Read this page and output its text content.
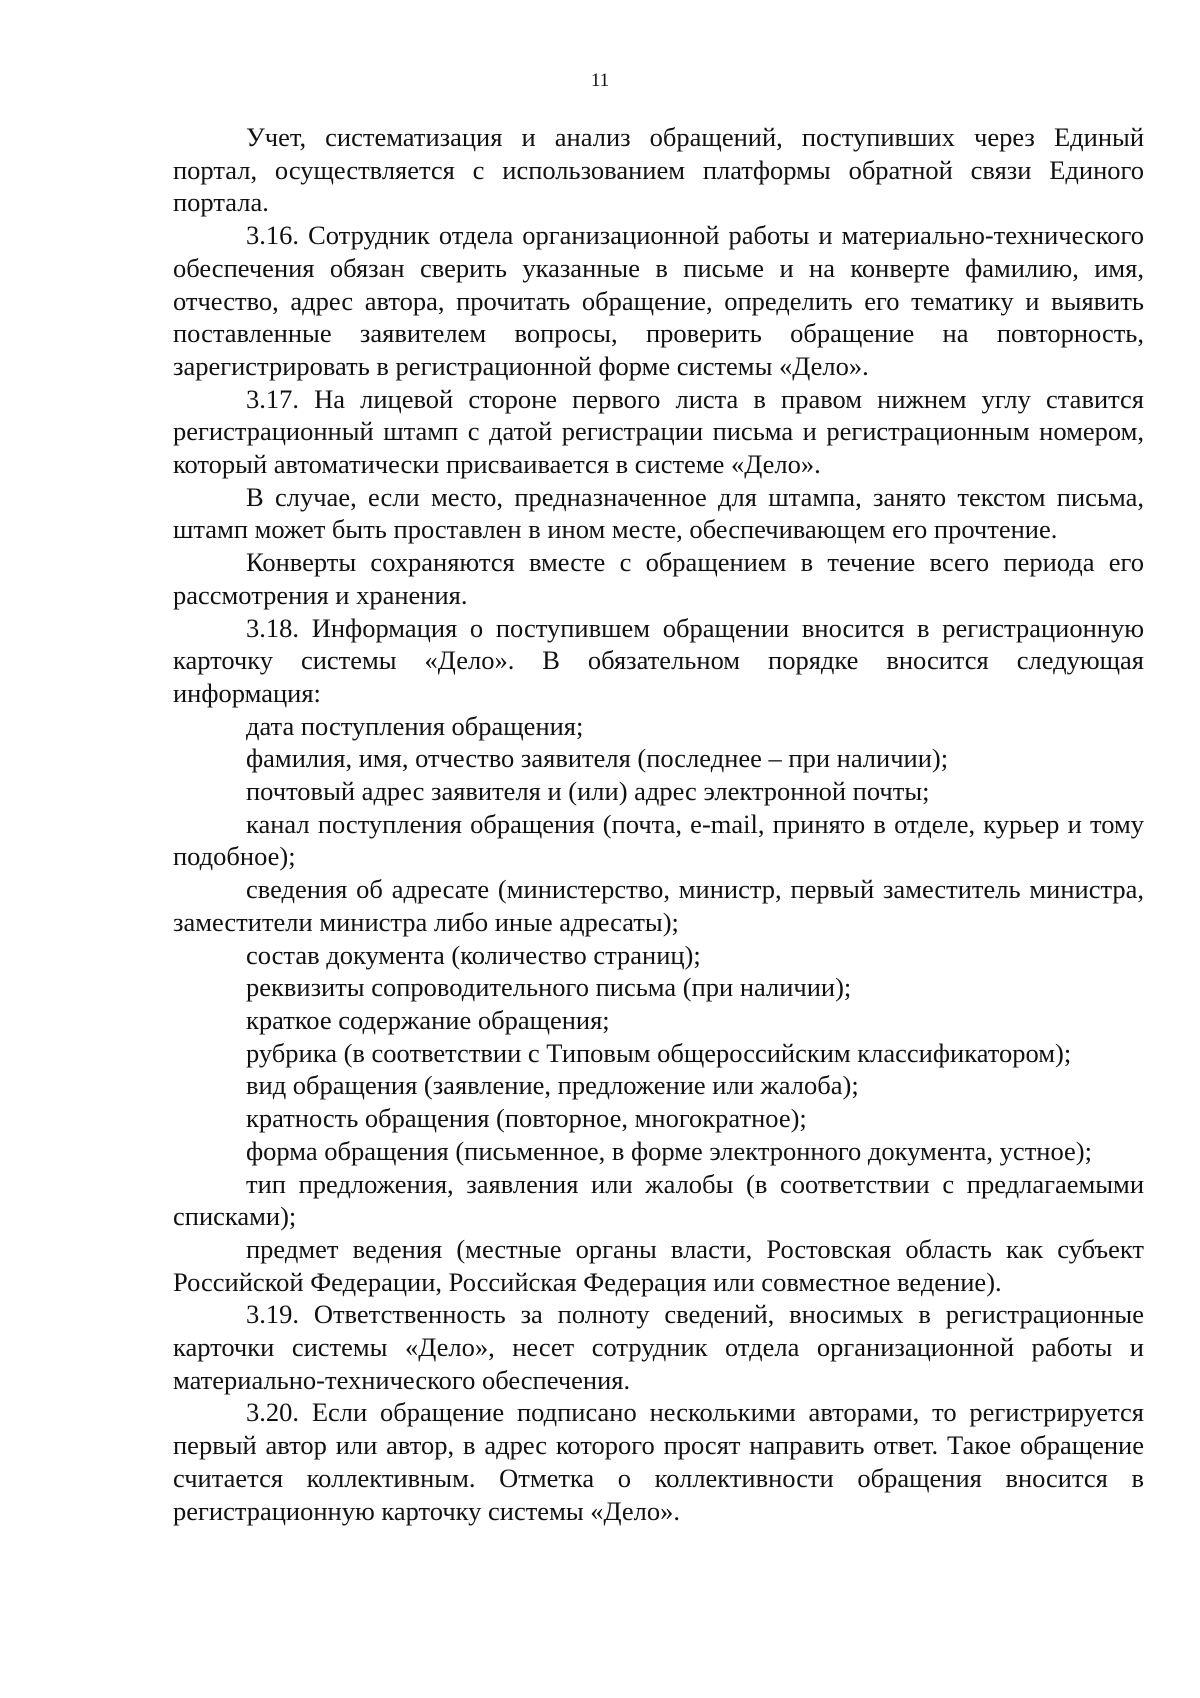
11

Учет, систематизация и анализ обращений, поступивших через Единый портал, осуществляется с использованием платформы обратной связи Единого портала.

3.16. Сотрудник отдела организационной работы и материально-технического обеспечения обязан сверить указанные в письме и на конверте фамилию, имя, отчество, адрес автора, прочитать обращение, определить его тематику и выявить поставленные заявителем вопросы, проверить обращение на повторность, зарегистрировать в регистрационной форме системы «Дело».

3.17. На лицевой стороне первого листа в правом нижнем углу ставится регистрационный штамп с датой регистрации письма и регистрационным номером, который автоматически присваивается в системе «Дело».

В случае, если место, предназначенное для штампа, занято текстом письма, штамп может быть проставлен в ином месте, обеспечивающем его прочтение.

Конверты сохраняются вместе с обращением в течение всего периода его рассмотрения и хранения.

3.18. Информация о поступившем обращении вносится в регистрационную карточку системы «Дело». В обязательном порядке вносится следующая информация:

дата поступления обращения;

фамилия, имя, отчество заявителя (последнее – при наличии);

почтовый адрес заявителя и (или) адрес электронной почты;

канал поступления обращения (почта, e-mail, принято в отделе, курьер и тому подобное);

сведения об адресате (министерство, министр, первый заместитель министра, заместители министра либо иные адресаты);

состав документа (количество страниц);

реквизиты сопроводительного письма (при наличии);

краткое содержание обращения;

рубрика (в соответствии с Типовым общероссийским классификатором);

вид обращения (заявление, предложение или жалоба);

кратность обращения (повторное, многократное);

форма обращения (письменное, в форме электронного документа, устное);

тип предложения, заявления или жалобы (в соответствии с предлагаемыми списками);

предмет ведения (местные органы власти, Ростовская область как субъект Российской Федерации, Российская Федерация или совместное ведение).

3.19. Ответственность за полноту сведений, вносимых в регистрационные карточки системы «Дело», несет сотрудник отдела организационной работы и материально-технического обеспечения.

3.20. Если обращение подписано несколькими авторами, то регистрируется первый автор или автор, в адрес которого просят направить ответ. Такое обращение считается коллективным. Отметка о коллективности обращения вносится в регистрационную карточку системы «Дело».
